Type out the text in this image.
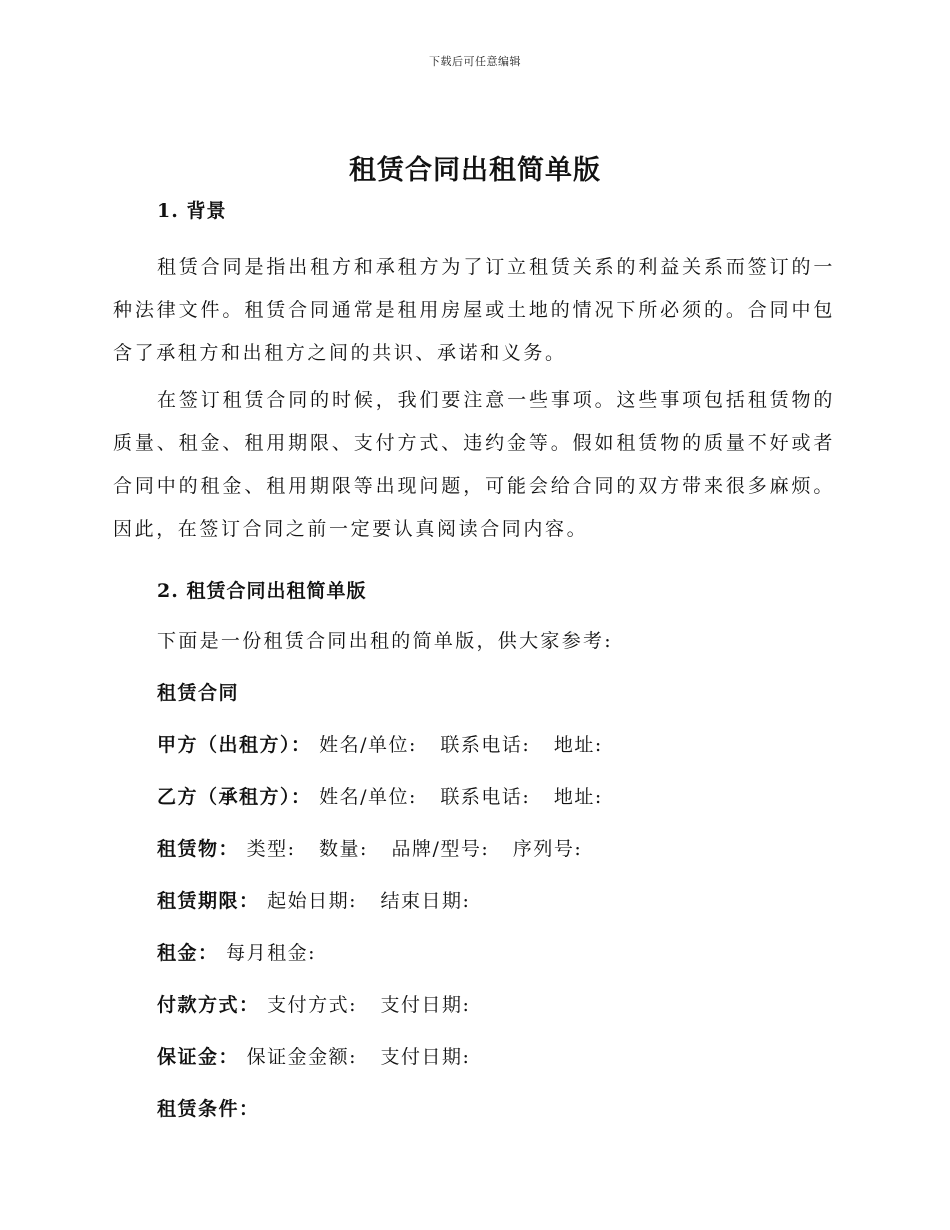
下载后可任意编辑
租赁合同出租简单版
1. 背景

租赁合同是指出租方和承租方为了订立租赁关系的利益关系而签订的一种法律文件。租赁合同通常是租用房屋或土地的情况下所必须的。合同中包含了承租方和出租方之间的共识、承诺和义务。

在签订租赁合同的时候，我们要注意一些事项。这些事项包括租赁物的质量、租金、租用期限、支付方式、违约金等。假如租赁物的质量不好或者合同中的租金、租用期限等出现问题，可能会给合同的双方带来很多麻烦。因此，在签订合同之前一定要认真阅读合同内容。

2. 租赁合同出租简单版
下面是一份租赁合同出租的简单版，供大家参考:
租赁合同
甲方（出租方）： 姓名/单位: 联系电话: 地址:
乙方（承租方）： 姓名/单位: 联系电话: 地址:
租赁物： 类型: 数量: 品牌/型号: 序列号:
租赁期限： 起始日期: 结束日期:
租金： 每月租金:
付款方式： 支付方式: 支付日期:
保证金： 保证金金额: 支付日期:
租赁条件：
